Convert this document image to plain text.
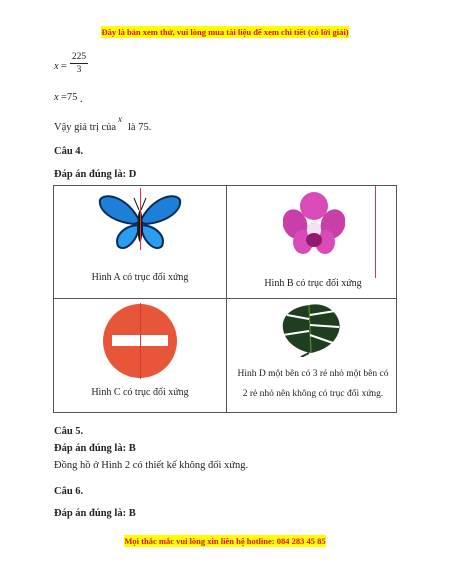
Đây là bản xem thử, vui lòng mua tài liệu để xem chi tiết (có lời giải)
x =
225
3
x =75 .
Vậy giá trị của
x
là 75.
Câu 4.
Đáp án đúng là: D
Hình A có trục đối xứng
Hình B có trục đối xứng
Hình C có trục đối xứng
Hình D một bên có 3 rẻ nhỏ một bên có
2 rẻ nhỏ nên không có trục đối xứng.
Câu 5.
Đáp án đúng là: B
Đồng hồ ở Hình 2 có thiết kế không đối xứng.
Câu 6.
Đáp án đúng là: B
Mọi thắc mắc vui lòng xin liên hệ hotline: 084 283 45 85
